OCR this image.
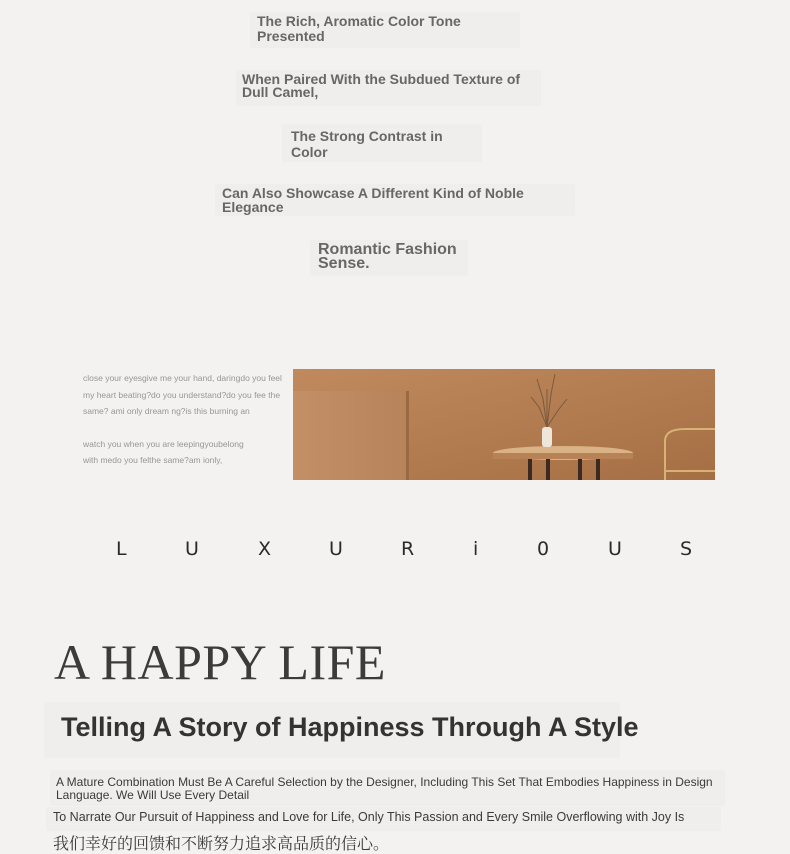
The Rich, Aromatic Color Tone Presented
When Paired With the Subdued Texture of Dull Camel,
The Strong Contrast in Color
Can Also Showcase A Different Kind of Noble Elegance
Romantic Fashion Sense.
close your eyesgive me your hand, daringdo you feel
my heart beating?do you understand?do you fee the
same? ami only dream ng?is this burning an
watch you when you are leepingyoubelong
with medo you felthe same?am ionly,
L	U	X	U	R	i	0	U	S
A HAPPY LIFE
Telling A Story of Happiness Through A Style
A Mature Combination Must Be A Careful Selection by the Designer, Including This Set That Embodies Happiness in Design Language. We Will Use Every Detail
To Narrate Our Pursuit of Happiness and Love for Life, Only This Passion and Every Smile Overflowing with Joy Is
我们幸好的回馈和不断努力追求高品质的信心。
